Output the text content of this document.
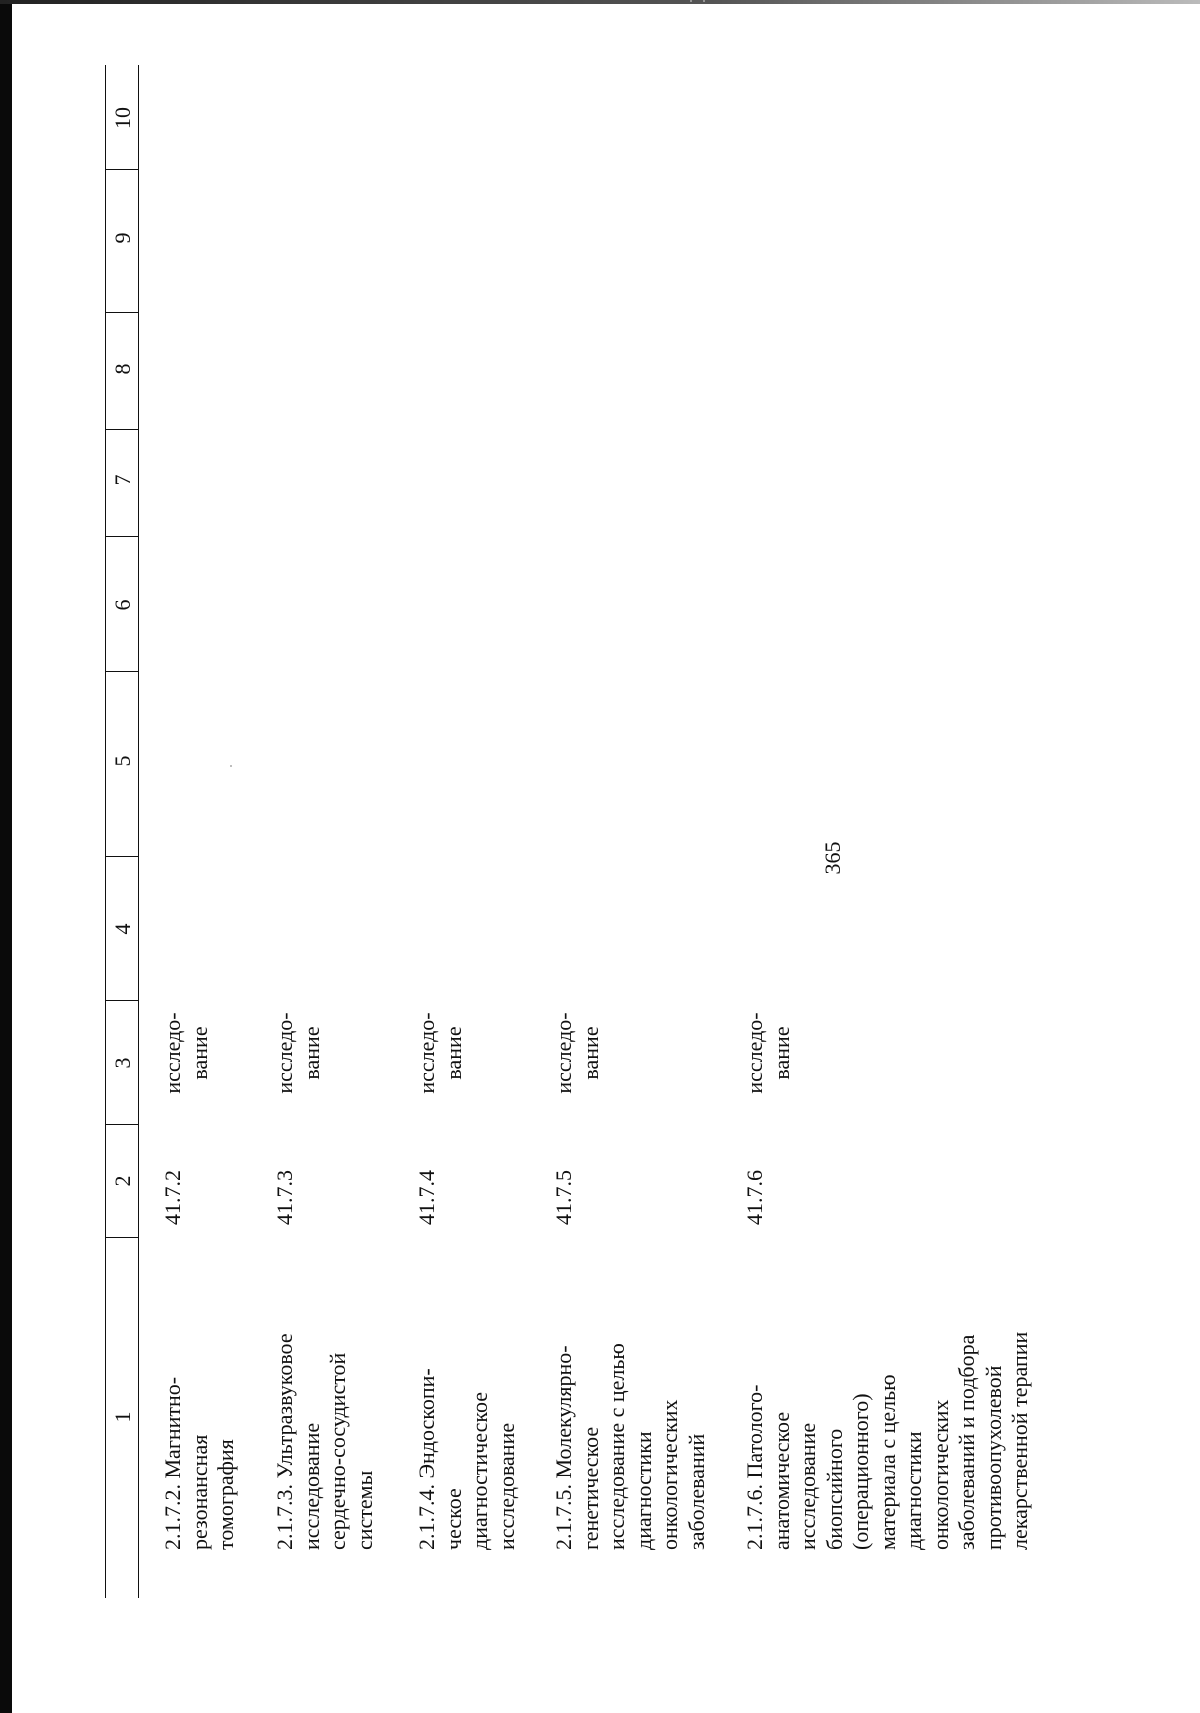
365
1
2
3
4
5
6
7
8
9
10
2.1.7.2. Магнитно- резонансная томография
41.7.2
исследо- вание
2.1.7.3. Ультразвуковое исследование сердечно-сосудистой системы
41.7.3
исследо- вание
2.1.7.4. Эндоскопи- ческое диагностическое исследование
41.7.4
исследо- вание
2.1.7.5. Молекулярно- генетическое исследование с целью диагностики онкологических заболеваний
41.7.5
исследо- вание
2.1.7.6. Патолого- анатомическое исследование биопсийного (операционного) материала с целью диагностики онкологических заболеваний и подбора противоопухолевой лекарственной терапии
41.7.6
исследо- вание
